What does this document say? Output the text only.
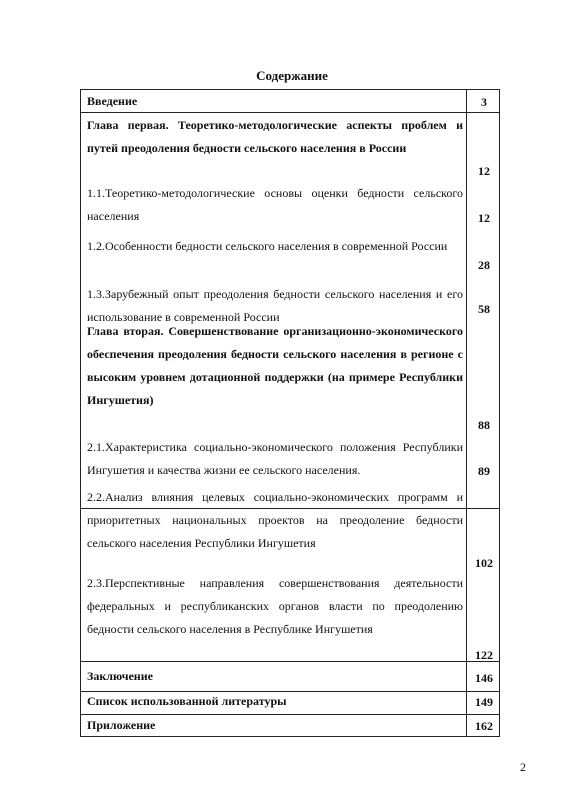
Содержание
Введение
Глава первая. Теоретико-методологические аспекты проблем и путей преодоления бедности сельского населения в России
1.1.Теоретико-методологические основы оценки бедности сельского населения
1.2.Особенности бедности сельского населения в современной России
1.3.Зарубежный опыт преодоления бедности сельского населения и его использование в современной России
Глава вторая. Совершенствование организационно-экономического обеспечения преодоления бедности сельского населения в регионе с высоким уровнем дотационной поддержки (на примере Республики Ингушетия)
2.1.Характеристика социально-экономического положения Республики Ингушетия и качества жизни ее сельского населения.
2.2.Анализ влияния целевых социально-экономических программ и приоритетных национальных проектов на преодоление бедности сельского населения Республики Ингушетия
2.3.Перспективные направления совершенствования деятельности федеральных и республиканских органов власти по преодолению бедности сельского населения в Республике Ингушетия
Заключение
Список использованной литературы
Приложение
3
12
12
28
58
88
89
102
122
146
149
162
2
